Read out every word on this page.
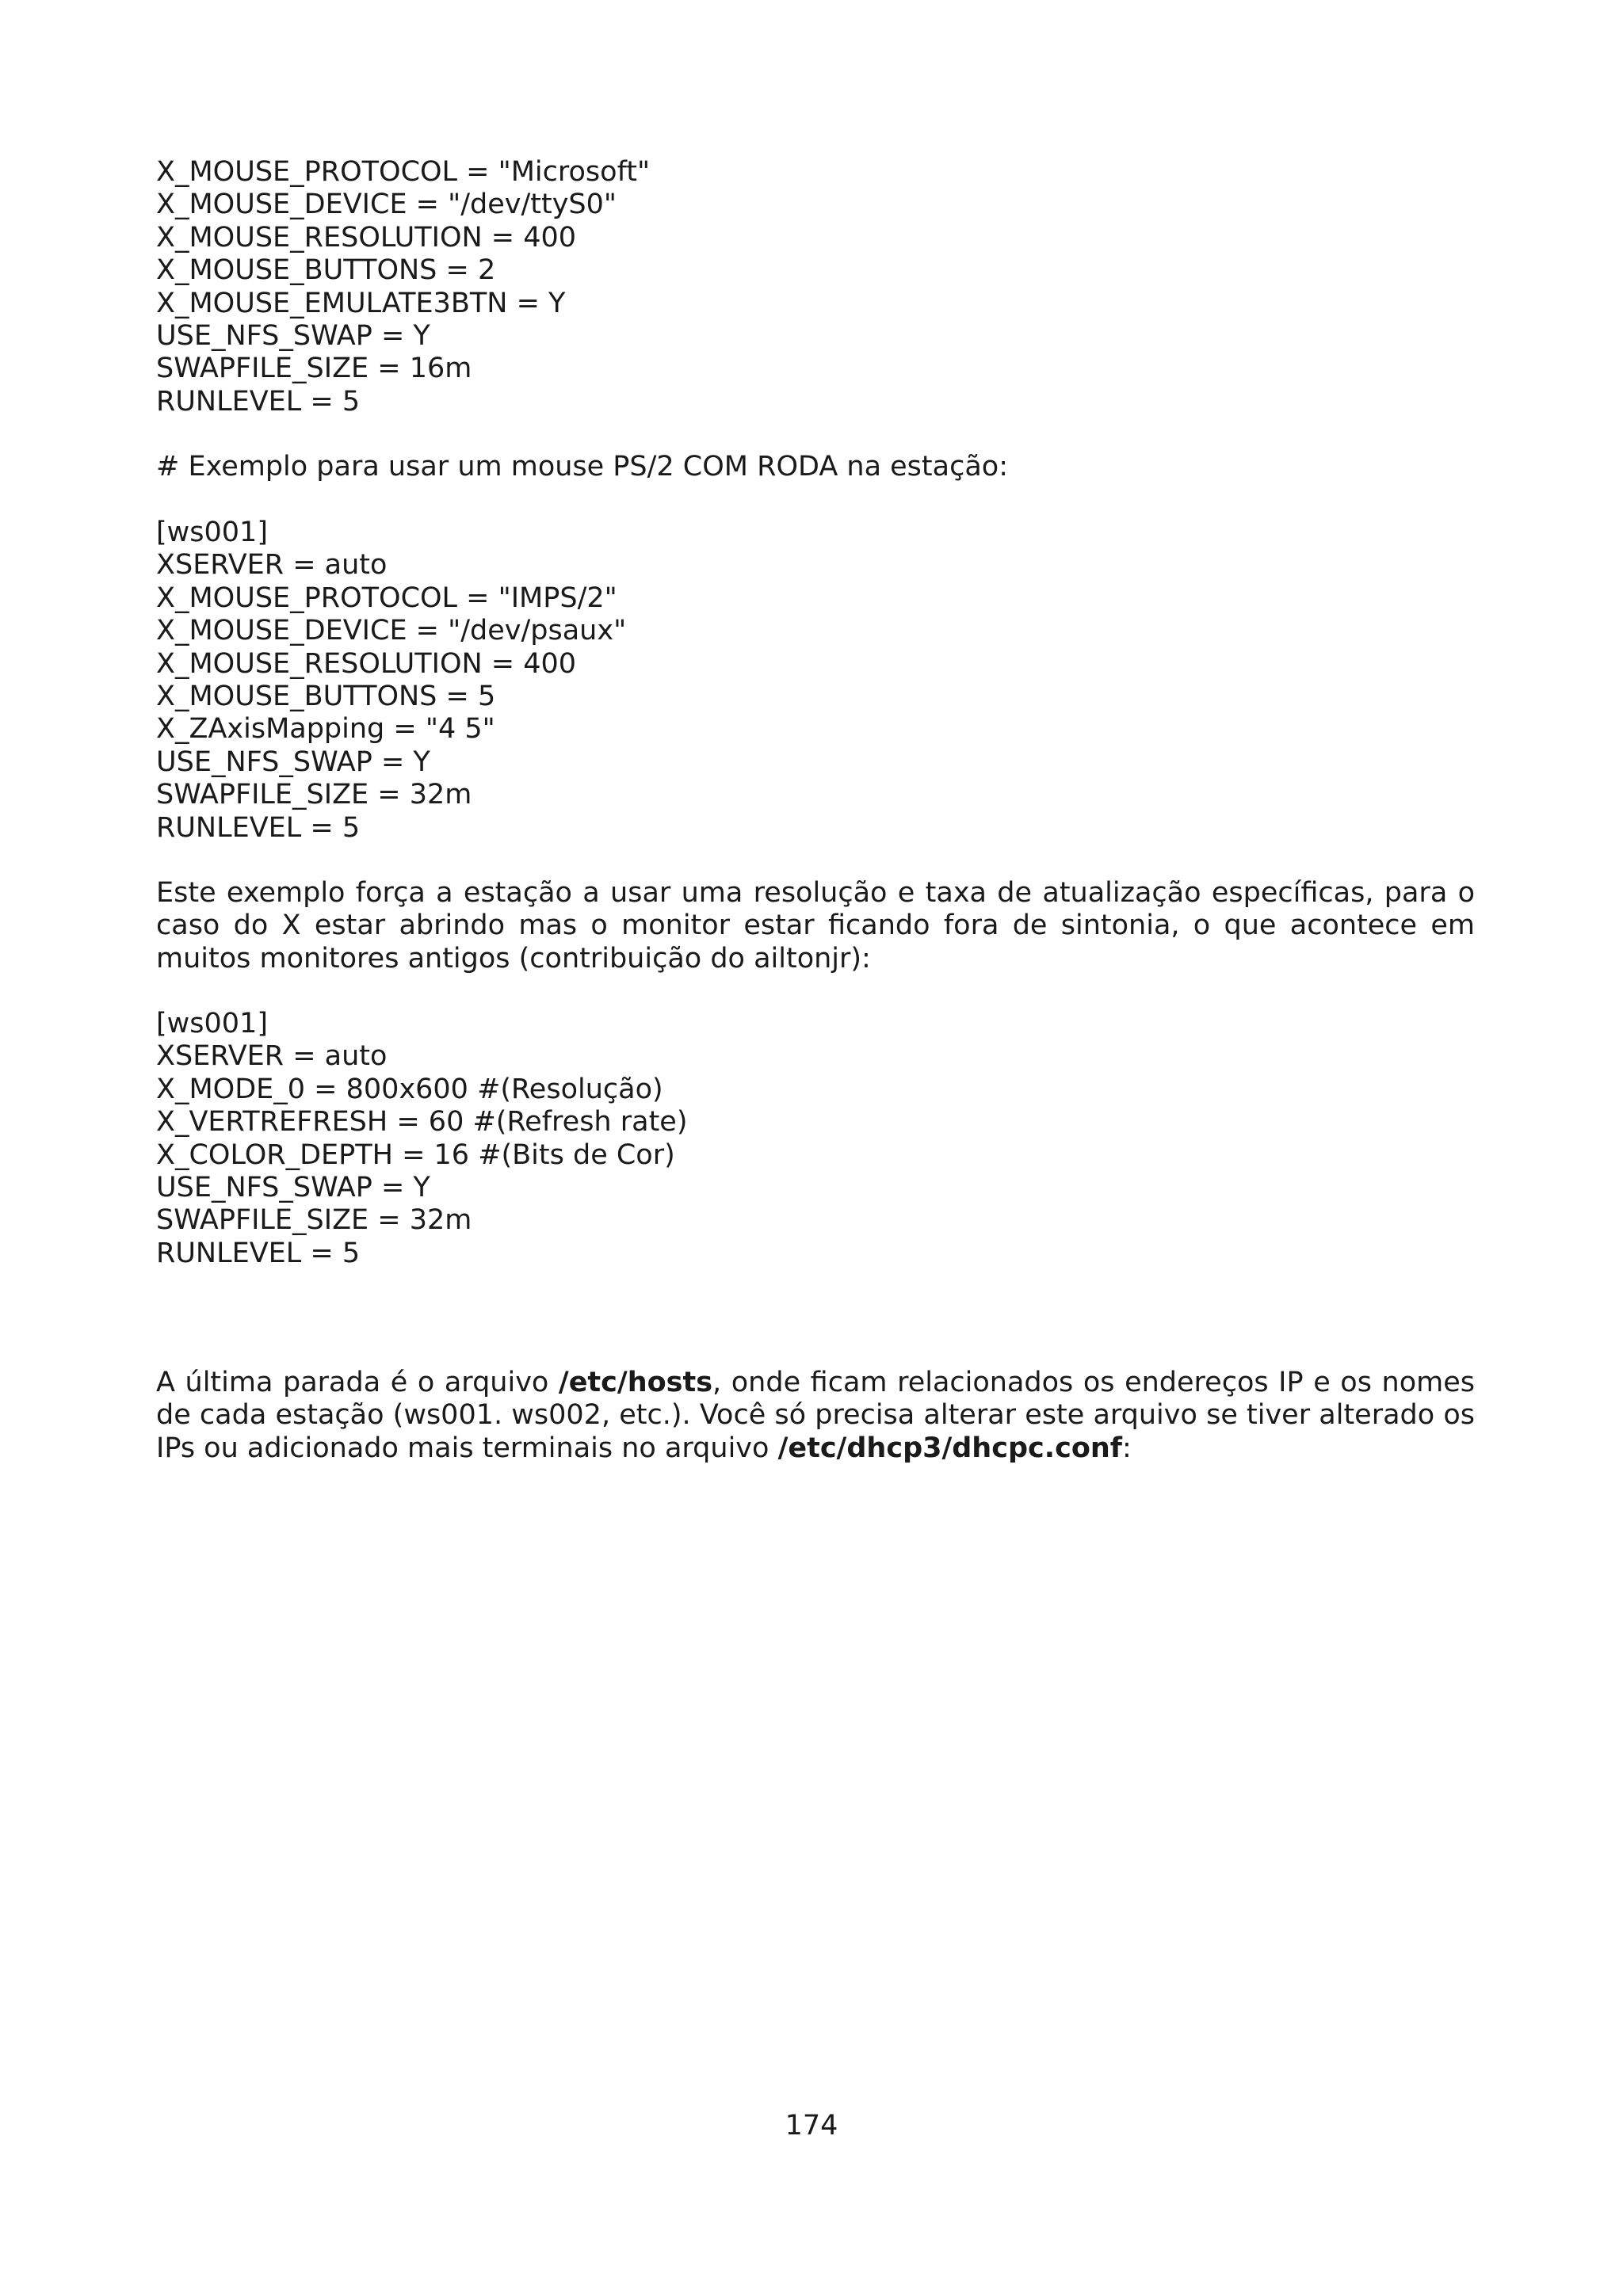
X_MOUSE_PROTOCOL = "Microsoft"
X_MOUSE_DEVICE = "/dev/ttyS0"
X_MOUSE_RESOLUTION = 400
X_MOUSE_BUTTONS = 2
X_MOUSE_EMULATE3BTN = Y
USE_NFS_SWAP = Y
SWAPFILE_SIZE = 16m
RUNLEVEL = 5
# Exemplo para usar um mouse PS/2 COM RODA na estação:
[ws001]
XSERVER = auto
X_MOUSE_PROTOCOL = "IMPS/2"
X_MOUSE_DEVICE = "/dev/psaux"
X_MOUSE_RESOLUTION = 400
X_MOUSE_BUTTONS = 5
X_ZAxisMapping = "4 5"
USE_NFS_SWAP = Y
SWAPFILE_SIZE = 32m
RUNLEVEL = 5
Este exemplo força a estação a usar uma resolução e taxa de atualização específicas, para o
caso do X estar abrindo mas o monitor estar ficando fora de sintonia, o que acontece em
muitos monitores antigos (contribuição do ailtonjr):
[ws001]
XSERVER = auto
X_MODE_0 = 800x600 #(Resolução)
X_VERTREFRESH = 60 #(Refresh rate)
X_COLOR_DEPTH = 16 #(Bits de Cor)
USE_NFS_SWAP = Y
SWAPFILE_SIZE = 32m
RUNLEVEL = 5
A última parada é o arquivo /etc/hosts, onde ficam relacionados os endereços IP e os nomes
de cada estação (ws001. ws002, etc.). Você só precisa alterar este arquivo se tiver alterado os
IPs ou adicionado mais terminais no arquivo /etc/dhcp3/dhcpc.conf:
174
